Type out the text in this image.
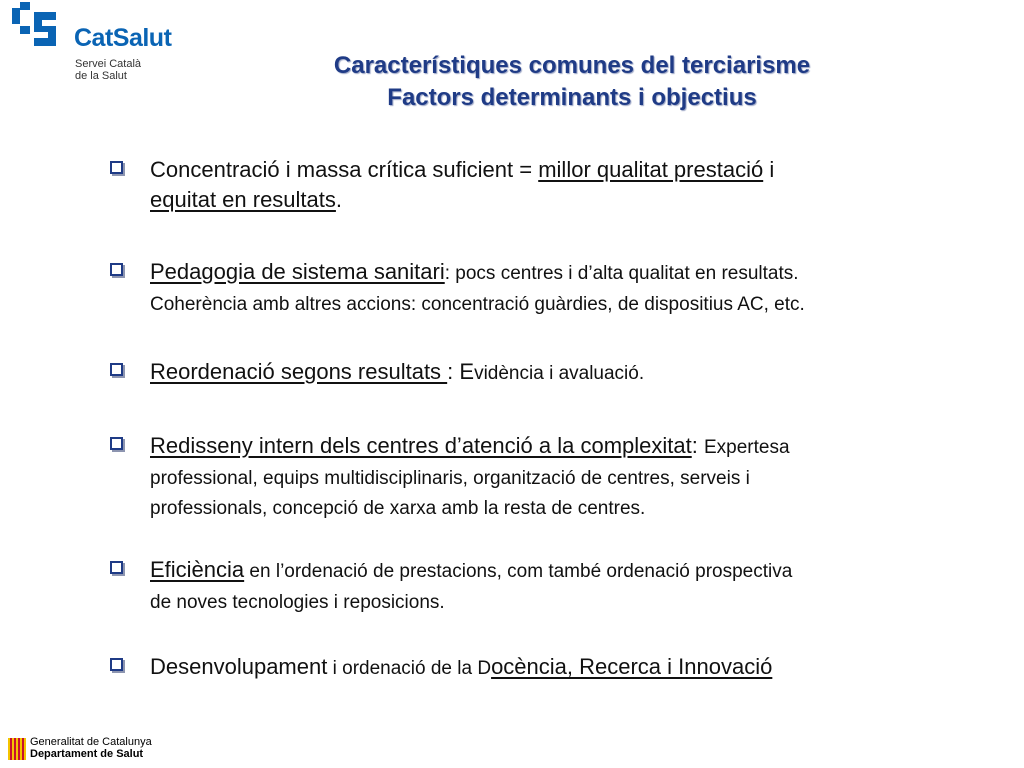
CatSalut
Servei Català
de la Salut	Característiques comunes del terciarisme
Factors determinants i objectius
Concentració i massa crítica suficient = millor qualitat prestació i
equitat en resultats.
Pedagogia de sistema sanitari: pocs centres i d’alta qualitat en resultats.
Coherència amb altres accions: concentració guàrdies, de dispositius AC, etc.
Reordenació segons resultats : Evidència i avaluació.
Redisseny intern dels centres d’atenció a la complexitat: Expertesa
professional, equips multidisciplinaris, organització de centres, serveis i
professionals, concepció de xarxa amb la resta de centres.
Eficiència en l’ordenació de prestacions, com també ordenació prospectiva
de noves tecnologies i reposicions.
Desenvolupament i ordenació de la Docència, Recerca i Innovació
Generalitat de Catalunya
Departament de Salut
